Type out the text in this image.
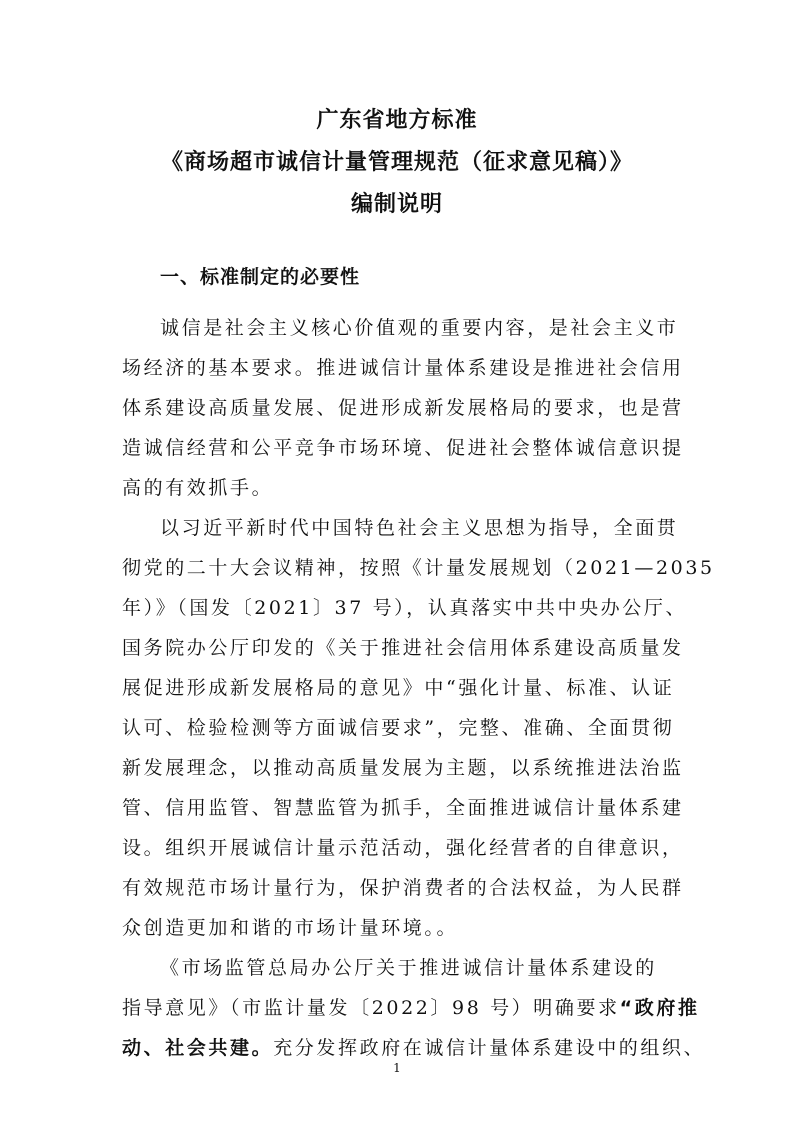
广东省地方标准
《商场超市诚信计量管理规范（征求意见稿）》
编制说明
一、标准制定的必要性
诚信是社会主义核心价值观的重要内容，是社会主义市
场经济的基本要求。推进诚信计量体系建设是推进社会信用
体系建设高质量发展、促进形成新发展格局的要求，也是营
造诚信经营和公平竞争市场环境、促进社会整体诚信意识提
高的有效抓手。
以习近平新时代中国特色社会主义思想为指导，全面贯
彻党的二十大会议精神，按照《计量发展规划（2021—2035
年）》（国发〔2021〕37 号），认真落实中共中央办公厅、
国务院办公厅印发的《关于推进社会信用体系建设高质量发
展促进形成新发展格局的意见》中“强化计量、标准、认证
认可、检验检测等方面诚信要求”，完整、准确、全面贯彻
新发展理念，以推动高质量发展为主题，以系统推进法治监
管、信用监管、智慧监管为抓手，全面推进诚信计量体系建
设。组织开展诚信计量示范活动，强化经营者的自律意识，
有效规范市场计量行为，保护消费者的合法权益，为人民群
众创造更加和谐的市场计量环境。。
《市场监管总局办公厅关于推进诚信计量体系建设的
指导意见》（市监计量发〔2022〕98 号）明确要求“政府推
动、社会共建。充分发挥政府在诚信计量体系建设中的组织、
1
